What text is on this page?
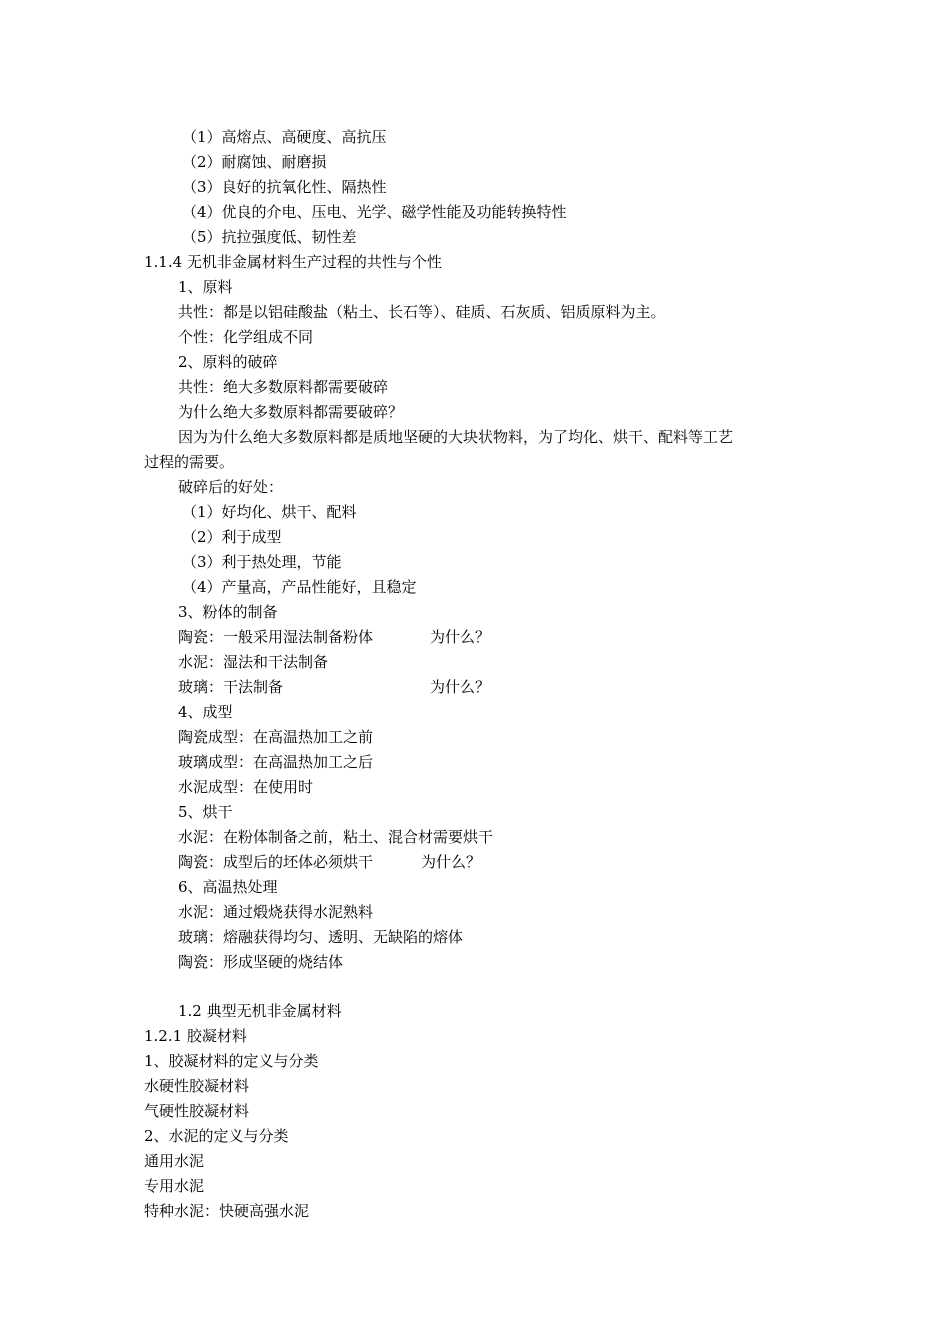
（1）高熔点、高硬度、高抗压
（2）耐腐蚀、耐磨损
（3）良好的抗氧化性、隔热性
（4）优良的介电、压电、光学、磁学性能及功能转换特性
（5）抗拉强度低、韧性差
1.1.4 无机非金属材料生产过程的共性与个性
1、原料
共性：都是以铝硅酸盐（粘土、长石等）、硅质、石灰质、铝质原料为主。
个性：化学组成不同
2、原料的破碎
共性：绝大多数原料都需要破碎
为什么绝大多数原料都需要破碎？
因为为什么绝大多数原料都是质地坚硬的大块状物料，为了均化、烘干、配料等工艺
过程的需要。
破碎后的好处：
（1）好均化、烘干、配料
（2）利于成型
（3）利于热处理，节能
（4）产量高，产品性能好，且稳定
3、粉体的制备
陶瓷：一般采用湿法制备粉体	为什么？
水泥：湿法和干法制备
玻璃：干法制备	为什么？
4、成型
陶瓷成型：在高温热加工之前
玻璃成型：在高温热加工之后
水泥成型：在使用时
5、烘干
水泥：在粉体制备之前，粘土、混合材需要烘干
陶瓷：成型后的坯体必须烘干	为什么？
6、高温热处理
水泥：通过煅烧获得水泥熟料
玻璃：熔融获得均匀、透明、无缺陷的熔体
陶瓷：形成坚硬的烧结体
1.2 典型无机非金属材料
1.2.1 胶凝材料
1、胶凝材料的定义与分类
水硬性胶凝材料
气硬性胶凝材料
2、水泥的定义与分类
通用水泥
专用水泥
特种水泥：快硬高强水泥
